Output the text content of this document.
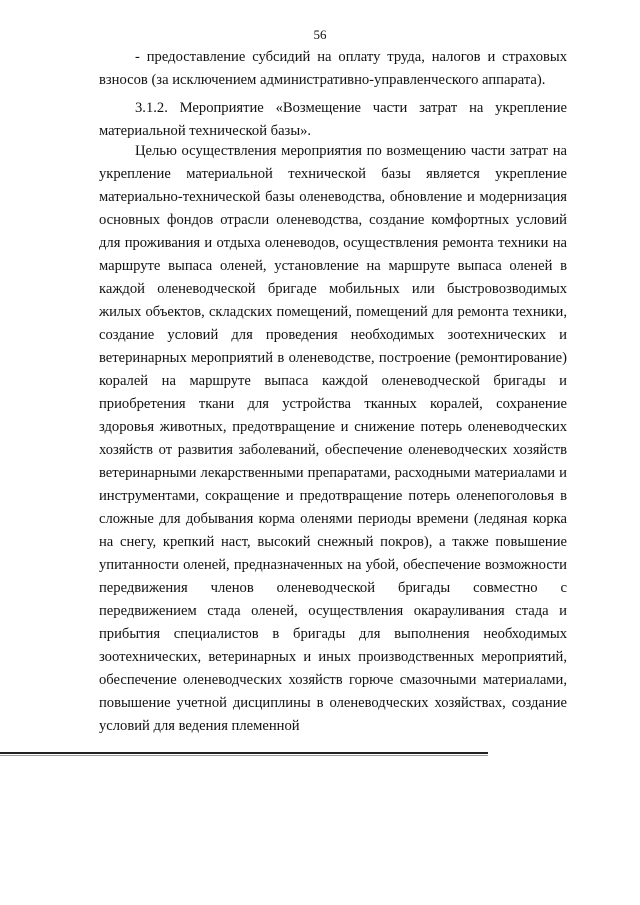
56

- предоставление субсидий на оплату труда, налогов и страховых взносов (за исключением административно-управленческого аппарата).

3.1.2. Мероприятие «Возмещение части затрат на укрепление материальной технической базы».

Целью осуществления мероприятия по возмещению части затрат на укрепление материальной технической базы является укрепление материально-технической базы оленеводства, обновление и модернизация основных фондов отрасли оленеводства, создание комфортных условий для проживания и отдыха оленеводов, осуществления ремонта техники на маршруте выпаса оленей, установление на маршруте выпаса оленей в каждой оленеводческой бригаде мобильных или быстровозводимых жилых объектов, складских помещений, помещений для ремонта техники, создание условий для проведения необходимых зоотехнических и ветеринарных мероприятий в оленеводстве, построение (ремонтирование) коралей на маршруте выпаса каждой оленеводческой бригады и приобретения ткани для устройства тканных коралей, сохранение здоровья животных, предотвращение и снижение потерь оленеводческих хозяйств от развития заболеваний, обеспечение оленеводческих хозяйств ветеринарными лекарственными препаратами, расходными материалами и инструментами, сокращение и предотвращение потерь оленепоголовья в сложные для добывания корма оленями периоды времени (ледяная корка на снегу, крепкий наст, высокий снежный покров), а также повышение упитанности оленей, предназначенных на убой, обеспечение возможности передвижения членов оленеводческой бригады совместно с передвижением стада оленей, осуществления окарауливания стада и прибытия специалистов в бригады для выполнения необходимых зоотехнических, ветеринарных и иных производственных мероприятий, обеспечение оленеводческих хозяйств горюче смазочными материалами, повышение учетной дисциплины в оленеводческих хозяйствах, создание условий для ведения племенной
